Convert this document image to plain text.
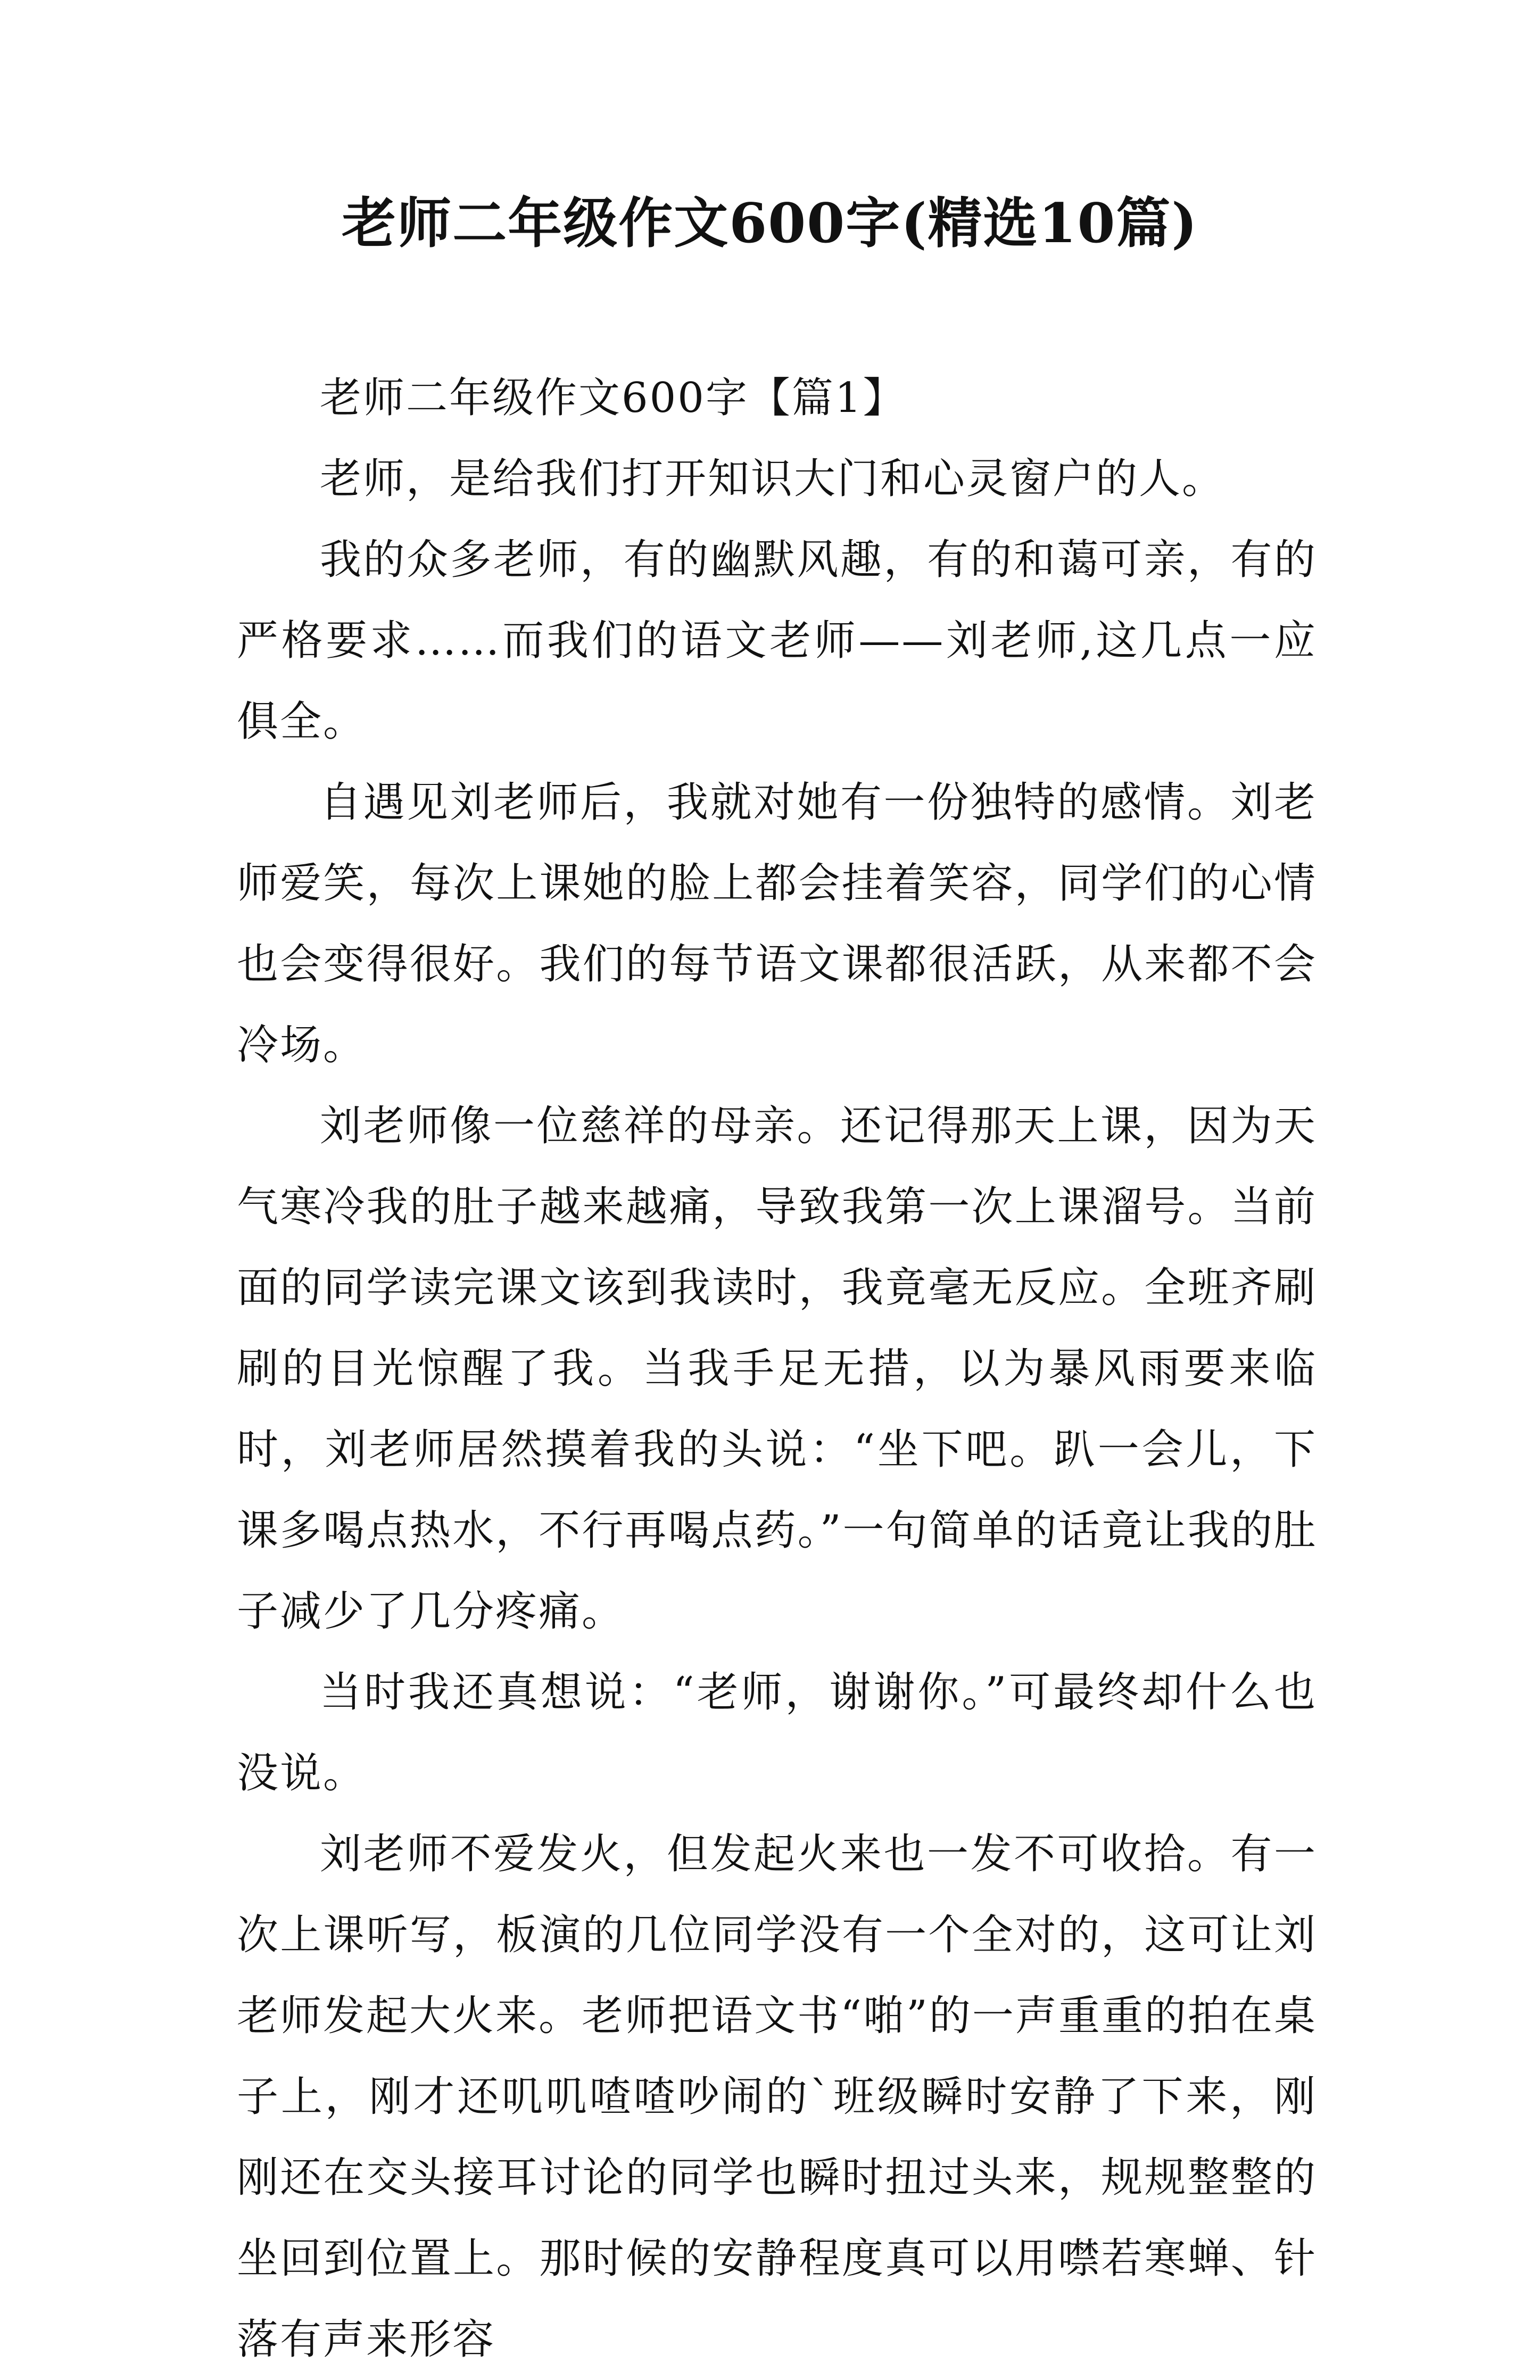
老师二年级作文600字(精选10篇)

老师二年级作文600字【篇1】

老师，是给我们打开知识大门和心灵窗户的人。

我的众多老师，有的幽默风趣，有的和蔼可亲，有的严格要求……而我们的语文老师——刘老师,这几点一应俱全。

自遇见刘老师后，我就对她有一份独特的感情。刘老师爱笑，每次上课她的脸上都会挂着笑容，同学们的心情也会变得很好。我们的每节语文课都很活跃，从来都不会冷场。

刘老师像一位慈祥的母亲。还记得那天上课，因为天气寒冷我的肚子越来越痛，导致我第一次上课溜号。当前面的同学读完课文该到我读时，我竟毫无反应。全班齐刷刷的目光惊醒了我。当我手足无措，以为暴风雨要来临时，刘老师居然摸着我的头说：“坐下吧。趴一会儿，下课多喝点热水，不行再喝点药。”一句简单的话竟让我的肚子减少了几分疼痛。

当时我还真想说：“老师，谢谢你。”可最终却什么也没说。

刘老师不爱发火，但发起火来也一发不可收拾。有一次上课听写，板演的几位同学没有一个全对的，这可让刘老师发起大火来。老师把语文书“啪”的一声重重的拍在桌子上，刚才还叽叽喳喳吵闹的`班级瞬时安静了下来，刚刚还在交头接耳讨论的同学也瞬时扭过头来，规规整整的坐回到位置上。那时候的安静程度真可以用噤若寒蝉、针落有声来形容
